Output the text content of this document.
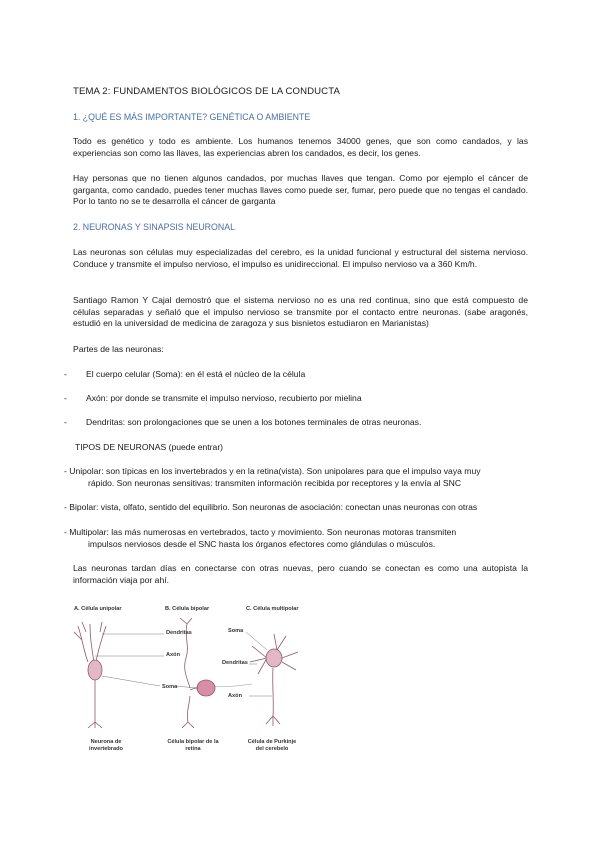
TEMA 2: FUNDAMENTOS BIOLÓGICOS DE LA CONDUCTA

1. ¿QUÉ ES MÁS IMPORTANTE? GENÉTICA O AMBIENTE

Todo es genético y todo es ambiente. Los humanos tenemos 34000 genes, que son como candados, y las experiencias son como las llaves, las experiencias abren los candados, es decir, los genes.

Hay personas que no tienen algunos candados, por muchas llaves que tengan. Como por ejemplo el cáncer de garganta, como candado, puedes tener muchas llaves como puede ser, fumar, pero puede que no tengas el candado. Por lo tanto no se te desarrolla el cáncer de garganta

2. NEURONAS Y SINAPSIS NEURONAL

Las neuronas son células muy especializadas del cerebro, es la unidad funcional y estructural del sistema nervioso. Conduce y transmite el impulso nervioso, el impulso es unidireccional. El impulso nervioso va a 360 Km/h.

Santiago Ramon Y Cajal demostró que el sistema nervioso no es una red continua, sino que está compuesto de células separadas y señaló que el impulso nervioso se transmite por el contacto entre neuronas. (sabe aragonés, estudió en la universidad de medicina de zaragoza y sus bisnietos estudiaron en Marianistas)

Partes de las neuronas:

- El cuerpo celular (Soma): en él está el núcleo de la célula

- Axón: por donde se transmite el impulso nervioso, recubierto por mielina

- Dendritas: son prolongaciones que se unen a los botones terminales de otras neuronas.

TIPOS DE NEURONAS (puede entrar)

- Unipolar: son típicas en los invertebrados y en la retina(vista). Son unipolares para que el impulso vaya muy
rápido. Son neuronas sensitivas: transmiten información recibida por receptores y la envía al SNC

- Bipolar: vista, olfato, sentido del equilibrio. Son neuronas de asociación: conectan unas neuronas con otras

- Multipolar: las más numerosas en vertebrados, tacto y movimiento. Son neuronas motoras transmiten
impulsos nerviosos desde el SNC hasta los órganos efectores como glándulas o músculos.

Las neuronas tardan días en conectarse con otras nuevas, pero cuando se conectan es como una autopista la información viaja por ahí.

A. Célula unipolar	B. Célula bipolar	C. Célula multipolar
Dendritas
Axón
Soma
Soma
Dendritas
Axón
Neurona de invertebrado
Célula bipolar de la retina
Célula de Purkinje del cerebelo
